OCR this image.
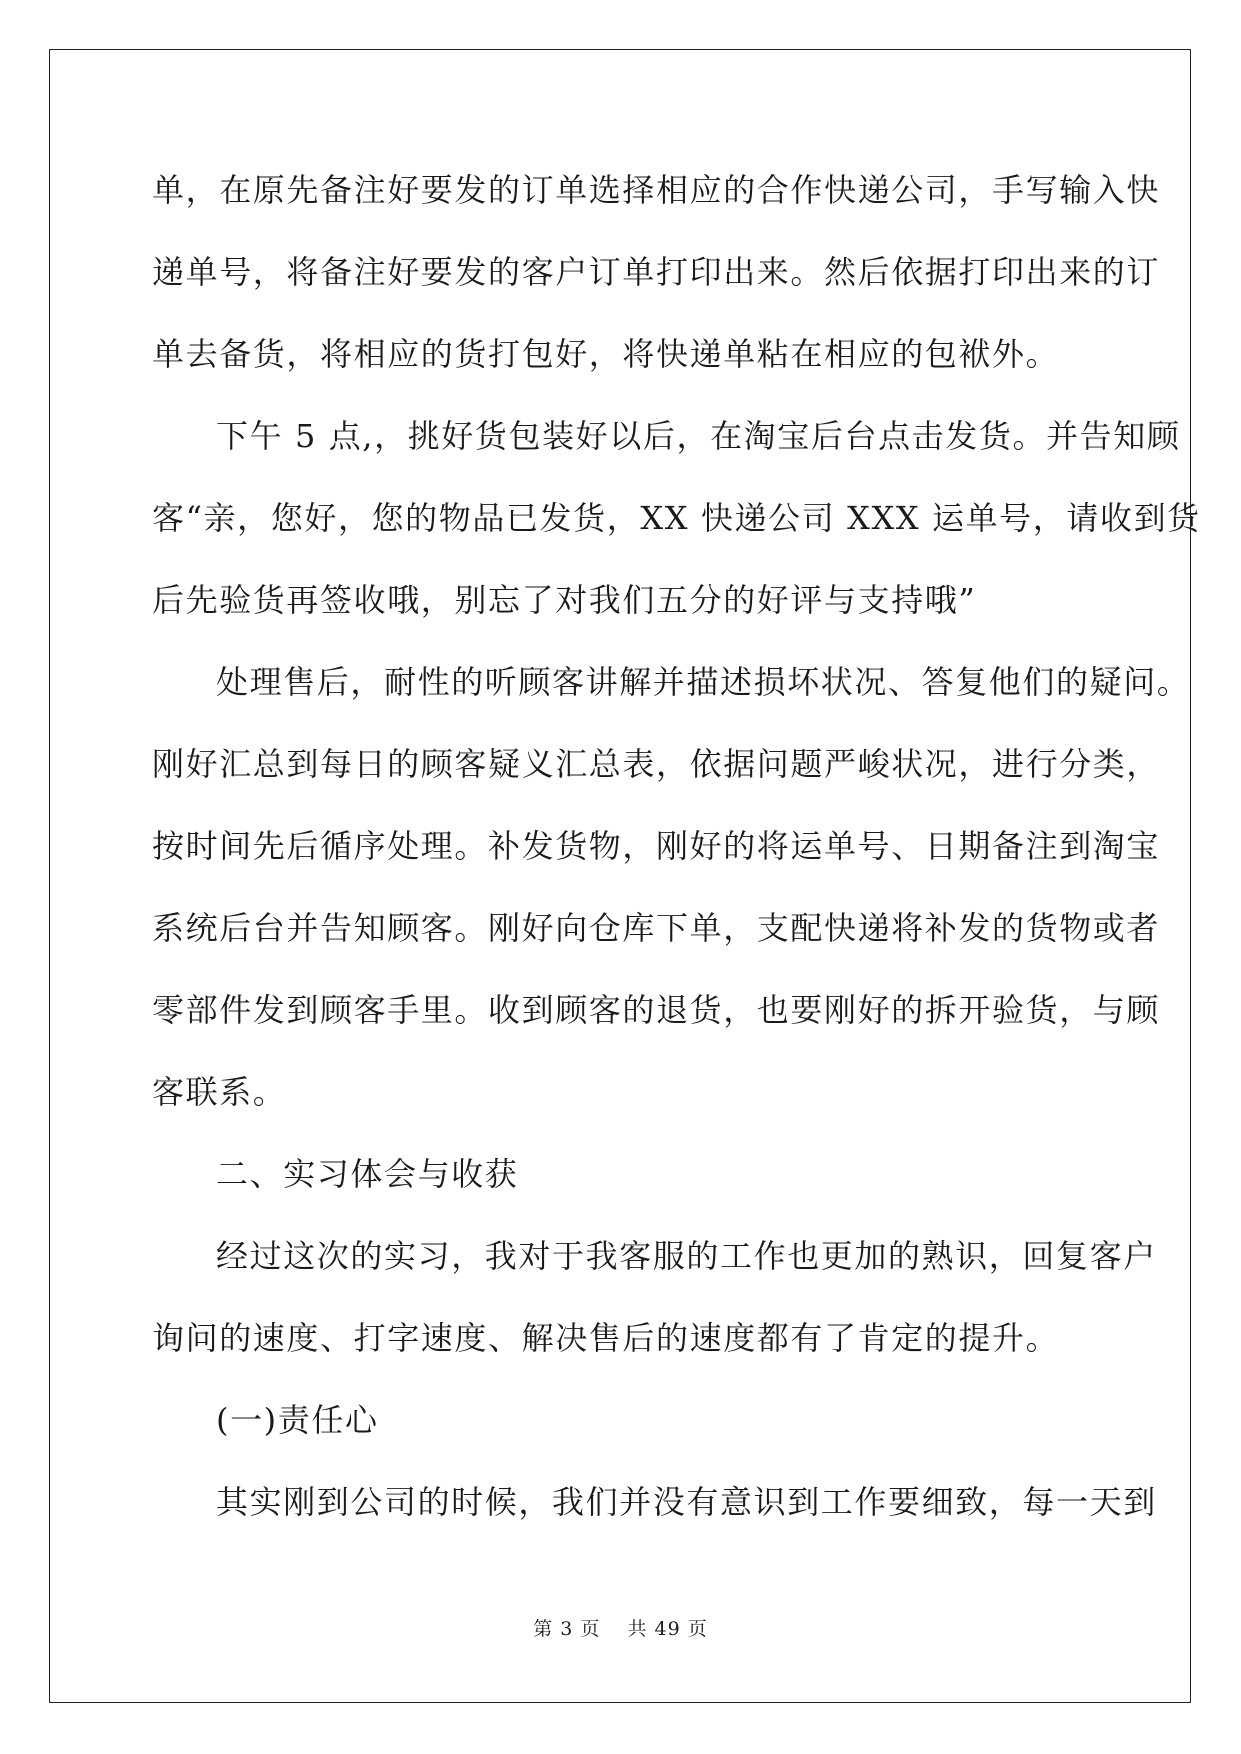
单，在原先备注好要发的订单选择相应的合作快递公司，手写输入快
递单号，将备注好要发的客户订单打印出来。然后依据打印出来的订
单去备货，将相应的货打包好，将快递单粘在相应的包袱外。
下午 5 点,，挑好货包装好以后，在淘宝后台点击发货。并告知顾
客“亲，您好，您的物品已发货，XX 快递公司 XXX 运单号，请收到货
后先验货再签收哦，别忘了对我们五分的好评与支持哦”
处理售后，耐性的听顾客讲解并描述损坏状况、答复他们的疑问。
刚好汇总到每日的顾客疑义汇总表，依据问题严峻状况，进行分类，
按时间先后循序处理。补发货物，刚好的将运单号、日期备注到淘宝
系统后台并告知顾客。刚好向仓库下单，支配快递将补发的货物或者
零部件发到顾客手里。收到顾客的退货，也要刚好的拆开验货，与顾
客联系。
二、实习体会与收获
经过这次的实习，我对于我客服的工作也更加的熟识，回复客户
询问的速度、打字速度、解决售后的速度都有了肯定的提升。
(一)责任心
其实刚到公司的时候，我们并没有意识到工作要细致，每一天到
第 3 页 共 49 页
